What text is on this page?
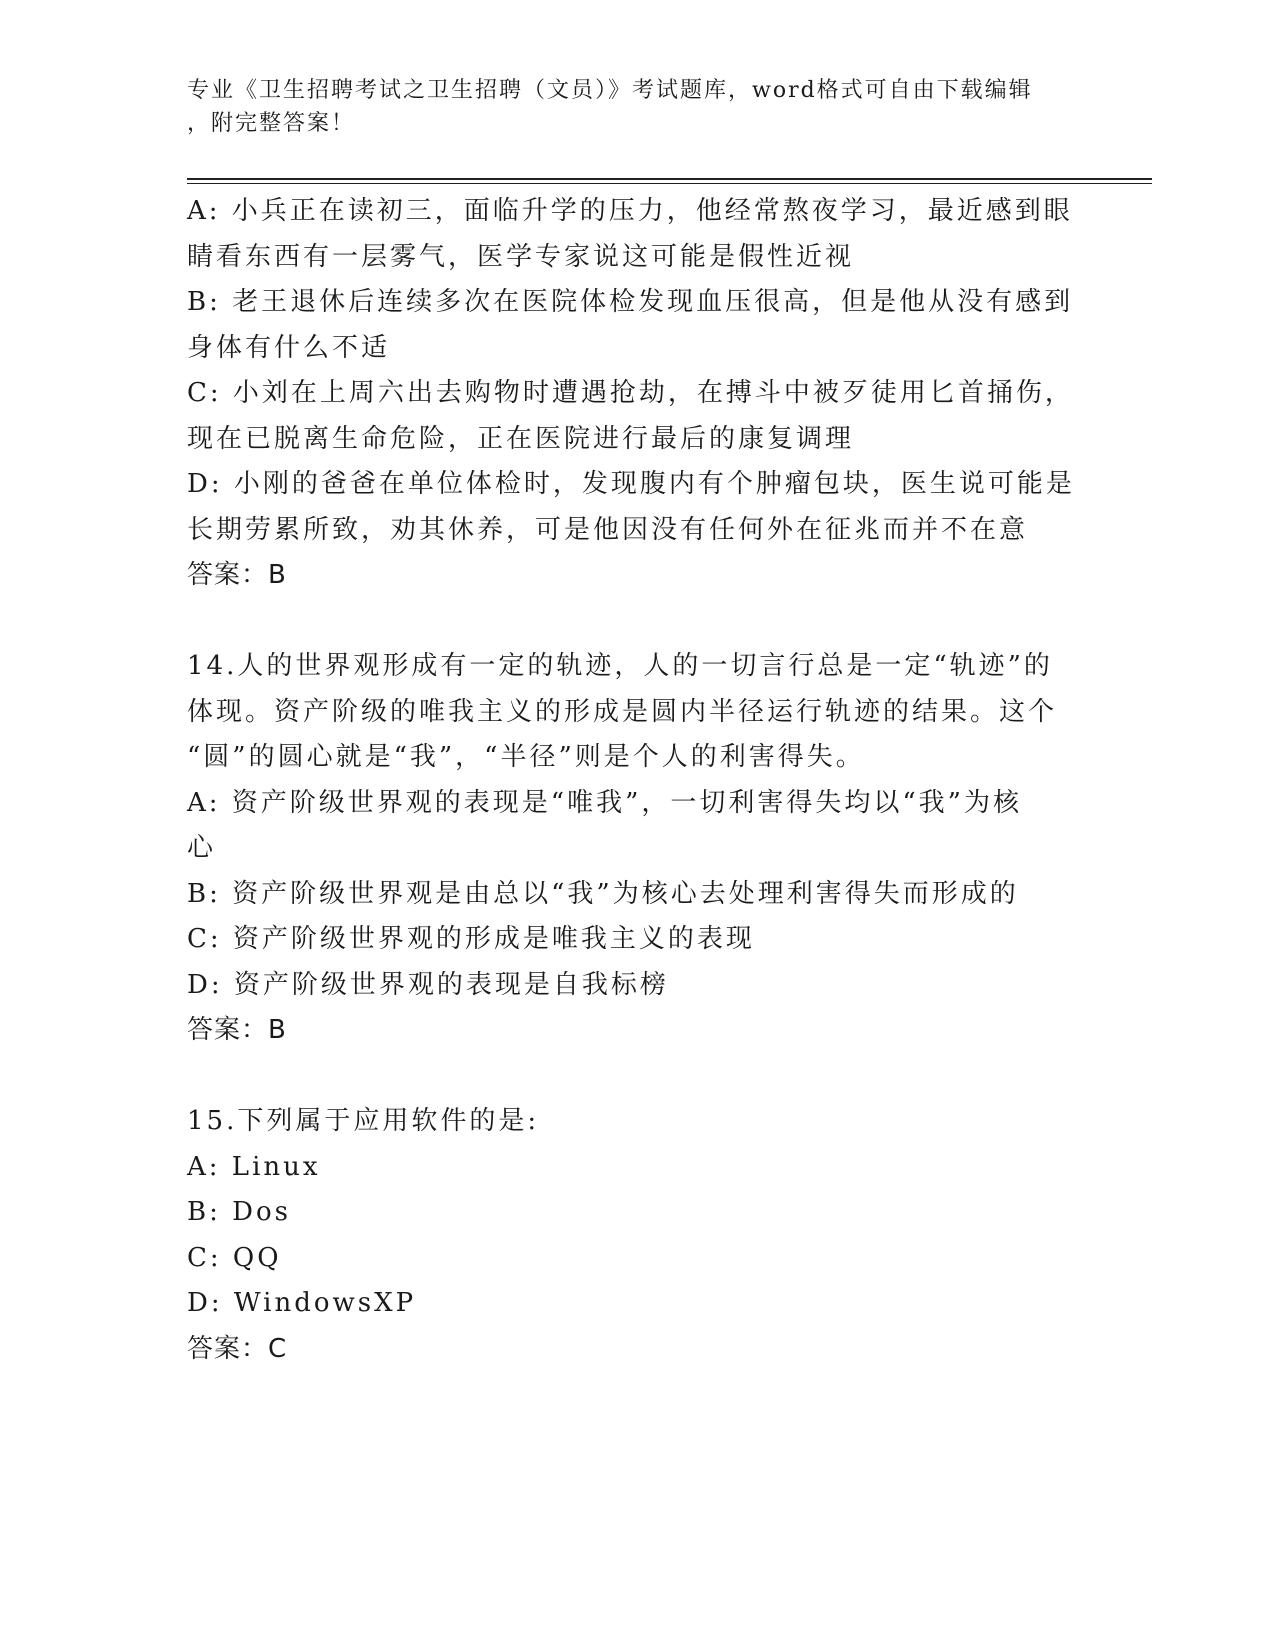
专业《卫生招聘考试之卫生招聘（文员）》考试题库，word格式可自由下载编辑
，附完整答案！
A: 小兵正在读初三，面临升学的压力，他经常熬夜学习，最近感到眼
睛看东西有一层雾气，医学专家说这可能是假性近视
B: 老王退休后连续多次在医院体检发现血压很高，但是他从没有感到
身体有什么不适
C: 小刘在上周六出去购物时遭遇抢劫，在搏斗中被歹徒用匕首捅伤，
现在已脱离生命危险，正在医院进行最后的康复调理
D: 小刚的爸爸在单位体检时，发现腹内有个肿瘤包块，医生说可能是
长期劳累所致，劝其休养，可是他因没有任何外在征兆而并不在意
答案：B
14.人的世界观形成有一定的轨迹，人的一切言行总是一定“轨迹”的
体现。资产阶级的唯我主义的形成是圆内半径运行轨迹的结果。这个
“圆”的圆心就是“我”，“半径”则是个人的利害得失。
A: 资产阶级世界观的表现是“唯我”，一切利害得失均以“我”为核
心
B: 资产阶级世界观是由总以“我”为核心去处理利害得失而形成的
C: 资产阶级世界观的形成是唯我主义的表现
D: 资产阶级世界观的表现是自我标榜
答案：B
15.下列属于应用软件的是:
A: Linux
B: Dos
C: QQ
D: WindowsXP
答案：C
